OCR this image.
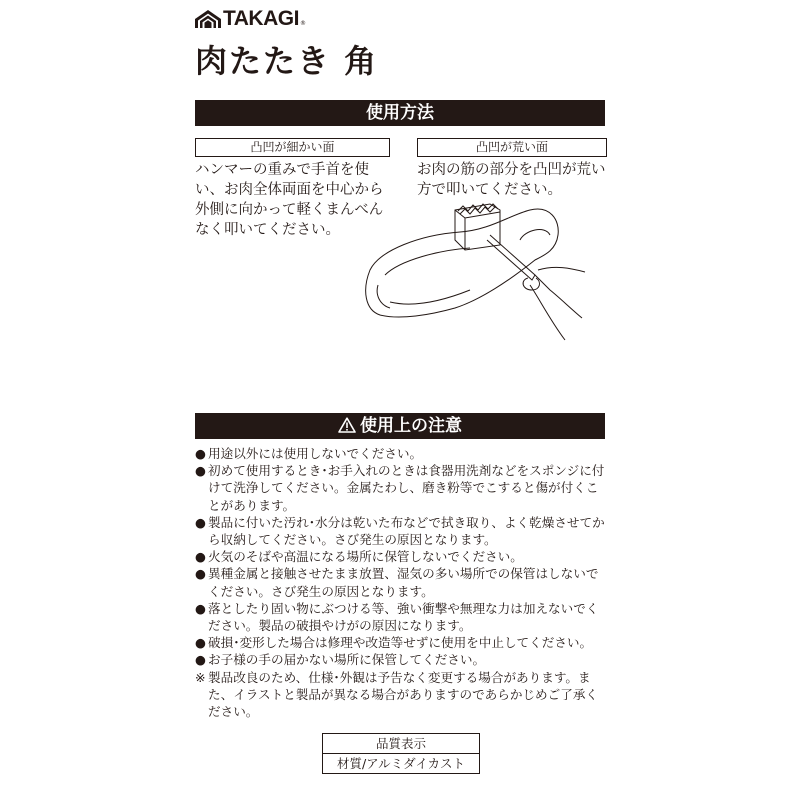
TAKAGI ®
肉たたき 角
使用方法
凸凹が細かい面	凸凹が荒い面
ハンマーの重みで手首を使い、お肉全体両面を中心から外側に向かって軽くまんべんなく叩いてください。
お肉の筋の部分を凸凹が荒い方で叩いてください。
使用上の注意
● 用途以外には使用しないでください。
● 初めて使用するとき･お手入れのときは食器用洗剤などをスポンジに付けて洗浄してください。金属たわし、磨き粉等でこすると傷が付くことがあります。
● 製品に付いた汚れ･水分は乾いた布などで拭き取り、よく乾燥させてから収納してください。さび発生の原因となります。
● 火気のそばや高温になる場所に保管しないでください。
● 異種金属と接触させたまま放置、湿気の多い場所での保管はしないでください。さび発生の原因となります。
● 落としたり固い物にぶつける等、強い衝撃や無理な力は加えないでください。製品の破損やけがの原因になります。
● 破損･変形した場合は修理や改造等せずに使用を中止してください。
● お子様の手の届かない場所に保管してください。
※ 製品改良のため、仕様･外観は予告なく変更する場合があります。また、イラストと製品が異なる場合がありますのであらかじめご了承ください。
品質表示
材質/アルミダイカスト
